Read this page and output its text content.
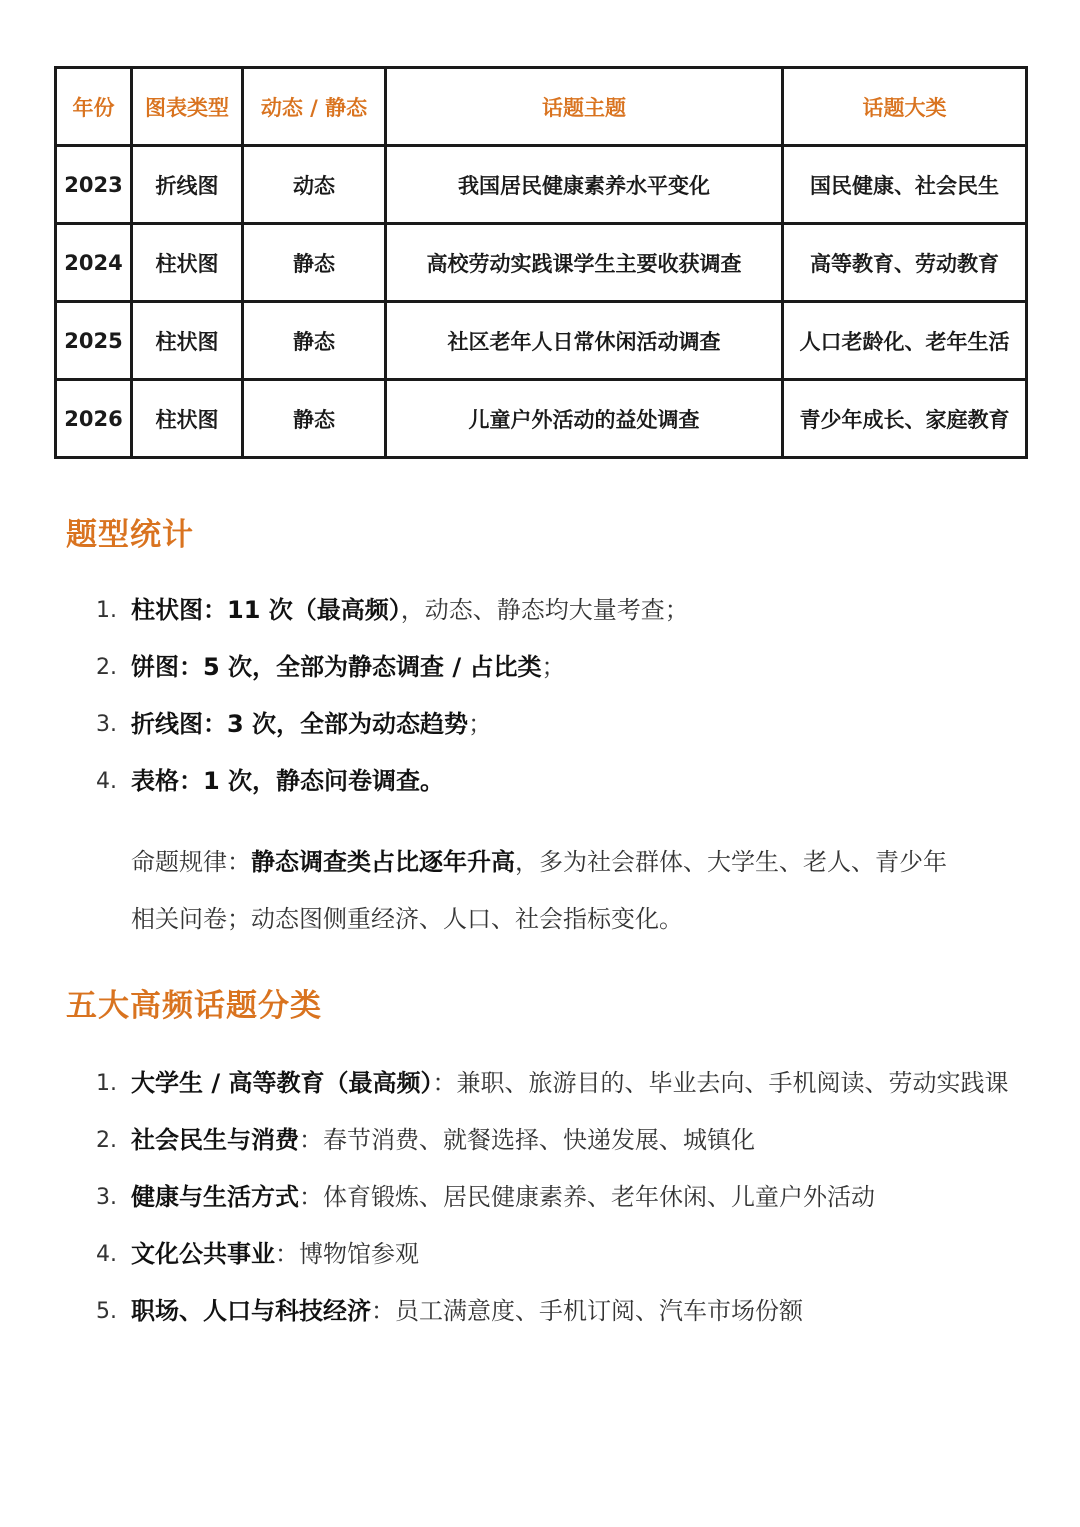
年份	图表类型	动态 / 静态	话题主题	话题大类
2023	折线图	动态	我国居民健康素养水平变化	国民健康、社会民生
2024	柱状图	静态	高校劳动实践课学生主要收获调查	高等教育、劳动教育
2025	柱状图	静态	社区老年人日常休闲活动调查	人口老龄化、老年生活
2026	柱状图	静态	儿童户外活动的益处调查	青少年成长、家庭教育
题型统计
1. 柱状图：11 次（最高频），动态、静态均大量考查；
2. 饼图：5 次，全部为静态调查 / 占比类；
3. 折线图：3 次，全部为动态趋势；
4. 表格：1 次，静态问卷调查。

命题规律：静态调查类占比逐年升高，多为社会群体、大学生、老人、青少年相关问卷；动态图侧重经济、人口、社会指标变化。

五大高频话题分类
1. 大学生 / 高等教育（最高频）：兼职、旅游目的、毕业去向、手机阅读、劳动实践课
2. 社会民生与消费：春节消费、就餐选择、快递发展、城镇化
3. 健康与生活方式：体育锻炼、居民健康素养、老年休闲、儿童户外活动
4. 文化公共事业：博物馆参观
5. 职场、人口与科技经济：员工满意度、手机订阅、汽车市场份额
